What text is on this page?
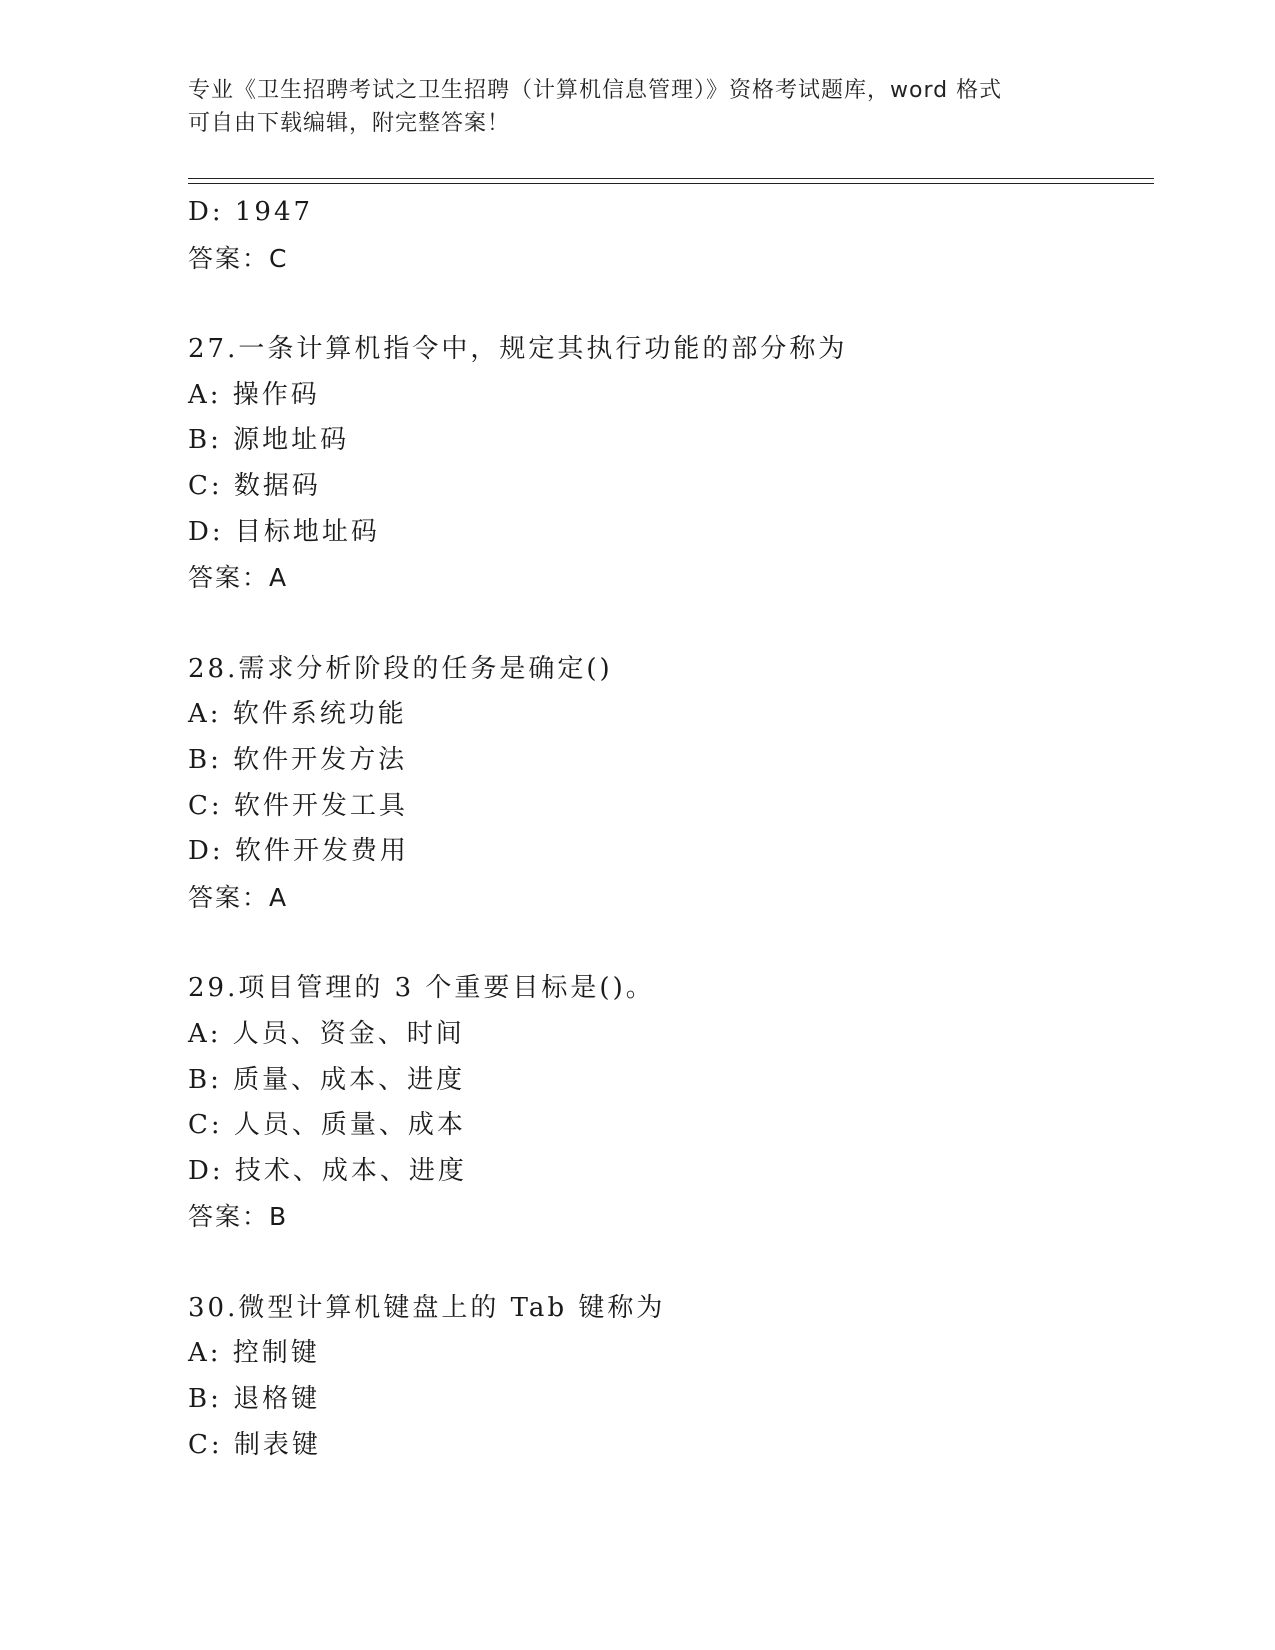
专业《卫生招聘考试之卫生招聘（计算机信息管理）》资格考试题库，word 格式
可自由下载编辑，附完整答案！
D: 1947
答案：C
27.一条计算机指令中，规定其执行功能的部分称为
A: 操作码
B: 源地址码
C: 数据码
D: 目标地址码
答案：A
28.需求分析阶段的任务是确定()
A: 软件系统功能
B: 软件开发方法
C: 软件开发工具
D: 软件开发费用
答案：A
29.项目管理的 3 个重要目标是()。
A: 人员、资金、时间
B: 质量、成本、进度
C: 人员、质量、成本
D: 技术、成本、进度
答案：B
30.微型计算机键盘上的 Tab 键称为
A: 控制键
B: 退格键
C: 制表键
